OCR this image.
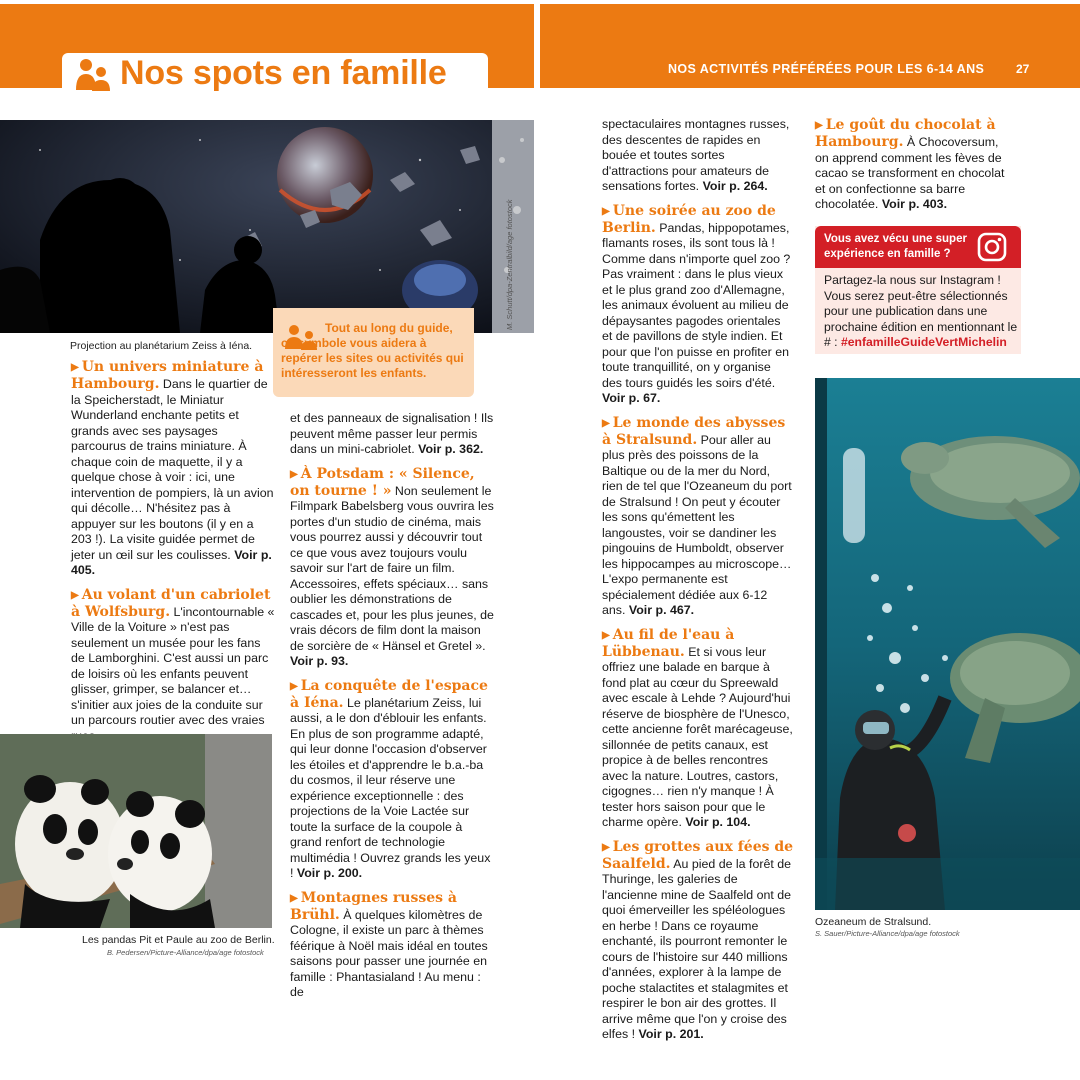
Nos spots en famille	NOS ACTIVITÉS PRÉFÉRÉES POUR LES 6-14 ANS	27
M. Schutt/dpa-Zentralbild/age fotostock
Projection au planétarium Zeiss à Iéna.
Tout au long du guide, ce symbole vous aidera à repérer les sites ou activités qui intéresseront les enfants.
▶ Un univers miniature à Hambourg. Dans le quartier de la Speicherstadt, le Miniatur Wunderland enchante petits et grands avec ses paysages parcourus de trains miniature. À chaque coin de maquette, il y a quelque chose à voir : ici, une intervention de pompiers, là un avion qui décolle… N'hésitez pas à appuyer sur les boutons (il y en a 203 !). La visite guidée permet de jeter un œil sur les coulisses. Voir p. 405.
▶ Au volant d'un cabriolet à Wolfsburg. L'incontournable « Ville de la Voiture » n'est pas seulement un musée pour les fans de Lamborghini. C'est aussi un parc de loisirs où les enfants peuvent glisser, grimper, se balancer et… s'initier aux joies de la conduite sur un parcours routier avec des vraies
Les pandas Pit et Paule au zoo de Berlin.
B. Pedersen/Picture-Alliance/dpa/age fotostock

et des panneaux de signalisation ! Ils peuvent même passer leur permis dans un mini-cabriolet. Voir p. 362.

▶ À Potsdam : « Silence, on tourne ! » Non seulement le Filmpark Babelsberg vous ouvrira les portes d'un studio de cinéma, mais vous pourrez aussi y découvrir tout ce que vous avez toujours voulu savoir sur l'art de faire un film. Accessoires, effets spéciaux… sans oublier les démonstrations de cascades et, pour les plus jeunes, de vrais décors de film dont la maison de sorcière de « Hänsel et Gretel ». Voir p. 93.
▶ La conquête de l'espace à Iéna. Le planétarium Zeiss, lui aussi, a le don d'éblouir les enfants. En plus de son programme adapté, qui leur donne l'occasion d'observer les étoiles et d'apprendre le b.a.-ba du cosmos, il leur réserve une expérience exceptionnelle : des projections de la Voie Lactée sur toute la surface de la coupole à grand renfort de technologie multimédia ! Ouvrez grands les yeux ! Voir p. 200.
▶ Montagnes russes à Brühl. À quelques kilomètres de Cologne, il existe un parc à thèmes féérique à Noël mais idéal en toutes saisons pour passer une journée en famille : Phantasialand ! Au menu : de

spectaculaires montagnes russes, des descentes de rapides en bouée et toutes sortes d'attractions pour amateurs de sensations fortes. Voir p. 264.

▶ Une soirée au zoo de Berlin. Pandas, hippopotames, flamants roses, ils sont tous là ! Comme dans n'importe quel zoo ? Pas vraiment : dans le plus vieux et le plus grand zoo d'Allemagne, les animaux évoluent au milieu de dépaysantes pagodes orientales et de pavillons de style indien. Et pour que l'on puisse en profiter en toute tranquillité, on y organise des tours guidés les soirs d'été. Voir p. 67.
▶ Le monde des abysses à Stralsund. Pour aller au plus près des poissons de la Baltique ou de la mer du Nord, rien de tel que l'Ozeaneum du port de Stralsund ! On peut y écouter les sons qu'émettent les langoustes, voir se dandiner les pingouins de Humboldt, observer les hippocampes au microscope… L'expo permanente est spécialement dédiée aux 6-12 ans. Voir p. 467.
▶ Au fil de l'eau à Lübbenau. Et si vous leur offriez une balade en barque à fond plat au cœur du Spreewald avec escale à Lehde ? Aujourd'hui réserve de biosphère de l'Unesco, cette ancienne forêt marécageuse, sillonnée de petits canaux, est propice à de belles rencontres avec la nature. Loutres, castors, cigognes… rien n'y manque ! À tester hors saison pour que le charme opère. Voir p. 104.
▶ Les grottes aux fées de Saalfeld. Au pied de la forêt de Thuringe, les galeries de l'ancienne mine de Saalfeld ont de quoi émerveiller les spéléologues en herbe ! Dans ce royaume enchanté, ils pourront remonter le cours de l'histoire sur 440 millions d'années, explorer à la lampe de poche stalactites et stalagmites et respirer le bon air des grottes. Il arrive même que l'on y croise des elfes ! Voir p. 201.
▶ Le goût du chocolat à Hambourg. À Chocoversum, on apprend comment les fèves de cacao se transforment en chocolat et on confectionne sa barre chocolatée. Voir p. 403.
Vous avez vécu une super expérience en famille ?
Partagez-la nous sur Instagram ! Vous serez peut-être sélectionnés pour une publication dans une prochaine édition en mentionnant le # : #enfamilleGuideVertMichelin
Ozeaneum de Stralsund.
S. Sauer/Picture-Alliance/dpa/age fotostock
